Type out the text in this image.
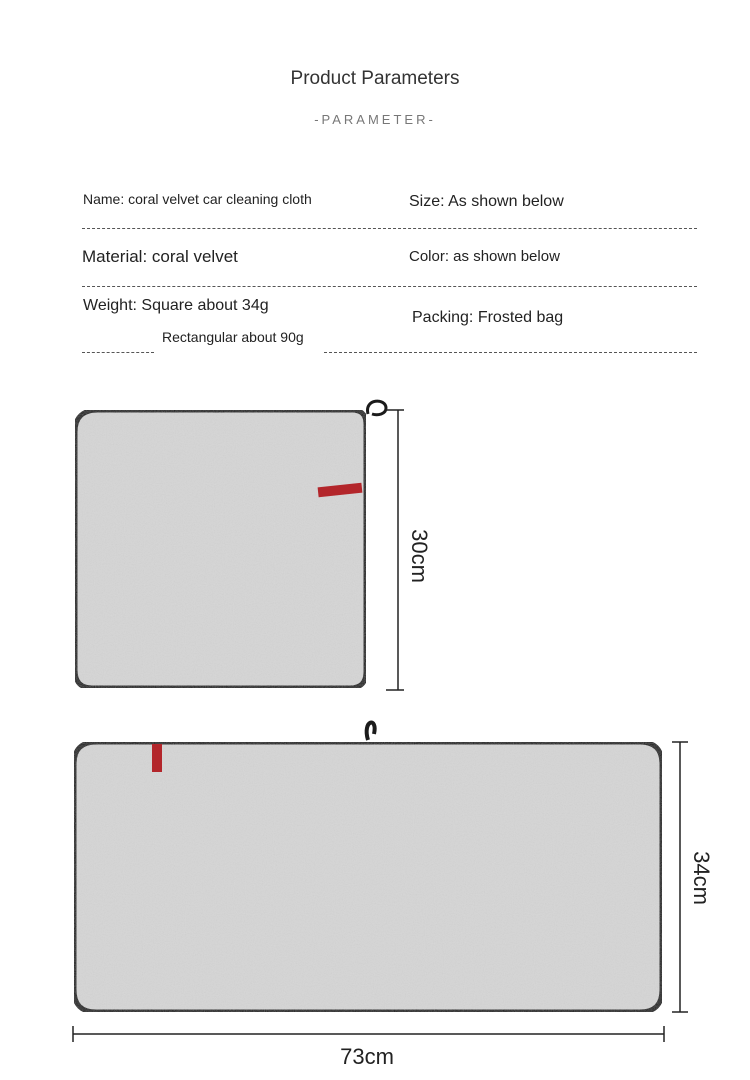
Product Parameters
-PARAMETER-
Name: coral velvet car cleaning cloth	Size: As shown below
Material: coral velvet	Color: as shown below
Weight: Square about 34g
Rectangular about 90g
Packing: Frosted bag
30cm
34cm
73cm
